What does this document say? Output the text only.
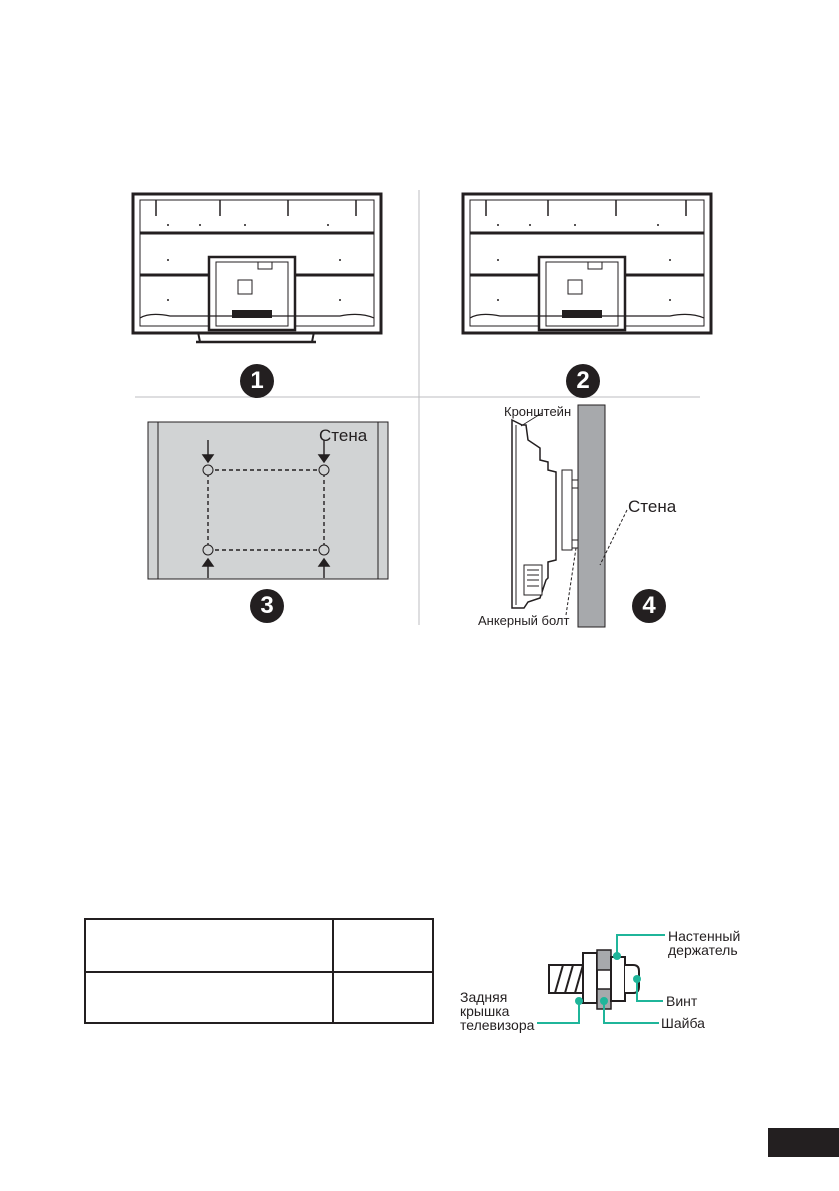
1	2
3	4
Стена
Кронштейн
Стена
Анкерный болт
Настенный
держатель
Винт
Шайба
Задняя
крышка
телевизора
